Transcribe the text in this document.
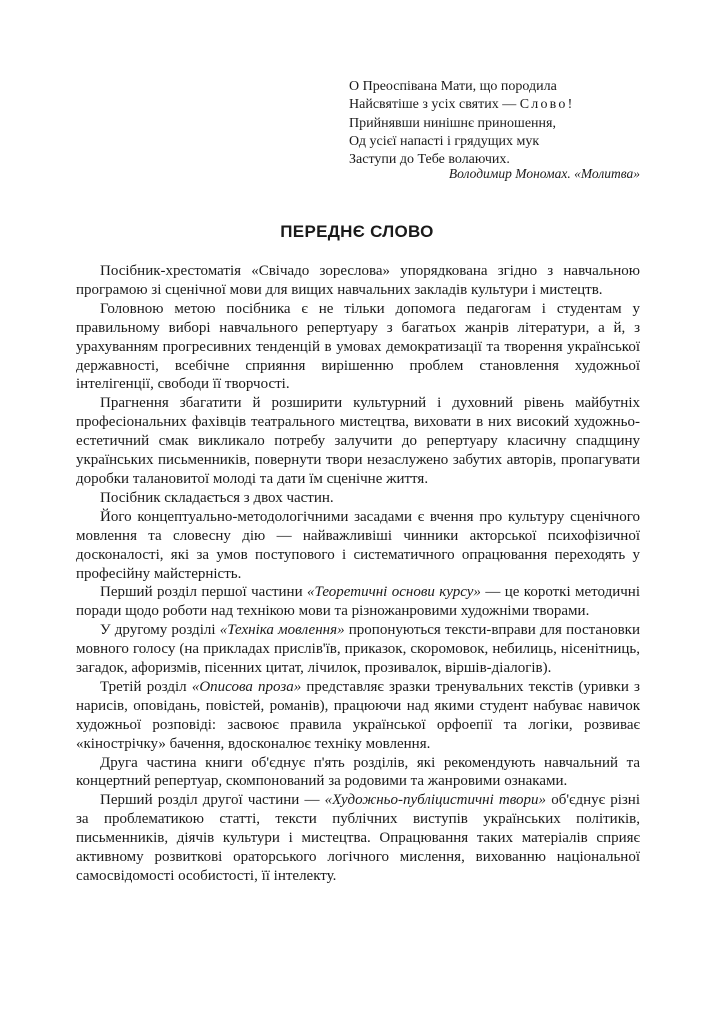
О Преоспівана Мати, що породила
Найсвятіше з усіх святих — Слово!
Прийнявши нинішнє приношення,
Од усієї напасті і грядущих мук
Заступи до Тебе волаючих.
Володимир Мономах. «Молитва»
ПЕРЕДНЄ СЛОВО

Посібник-хрестоматія «Свічадо зореслова» упорядкована згідно з навчальною програмою зі сценічної мови для вищих навчальних закладів культури і мистецтв.

Головною метою посібника є не тільки допомога педагогам і студентам у правильному виборі навчального репертуару з багатьох жанрів літератури, а й, з урахуванням прогресивних тенденцій в умовах демократизації та творення української державності, всебічне сприяння вирішенню проблем становлення художньої інтелігенції, свободи її творчості.

Прагнення збагатити й розширити культурний і духовний рівень майбутніх професіональних фахівців театрального мистецтва, виховати в них високий художньо-естетичний смак викликало потребу залучити до репертуару класичну спадщину українських письменників, повернути твори незаслужено забутих авторів, пропагувати доробки талановитої молоді та дати їм сценічне життя.

Посібник складається з двох частин.

Його концептуально-методологічними засадами є вчення про культуру сценічного мовлення та словесну дію — найважливіші чинники акторської психофізичної досконалості, які за умов поступового і систематичного опрацювання переходять у професійну майстерність.

Перший розділ першої частини «Теоретичні основи курсу» — це короткі методичні поради щодо роботи над технікою мови та різножанровими художніми творами.

У другому розділі «Техніка мовлення» пропонуються тексти-вправи для постановки мовного голосу (на прикладах прислів'їв, приказок, скоромовок, небилиць, нісенітниць, загадок, афоризмів, пісенних цитат, лічилок, прозивалок, віршів-діалогів).

Третій розділ «Описова проза» представляє зразки тренувальних текстів (уривки з нарисів, оповідань, повістей, романів), працюючи над якими студент набуває навичок художньої розповіді: засвоює правила української орфоепії та логіки, розвиває «кінострічку» бачення, вдосконалює техніку мовлення.

Друга частина книги об'єднує п'ять розділів, які рекомендують навчальний та концертний репертуар, скомпонований за родовими та жанровими ознаками.

Перший розділ другої частини — «Художньо-публіцистичні твори» об'єднує різні за проблематикою статті, тексти публічних виступів українських політиків, письменників, діячів культури і мистецтва. Опрацювання таких матеріалів сприяє активному розвиткові ораторського логічного мислення, вихованню національної самосвідомості особистості, її інтелекту.
